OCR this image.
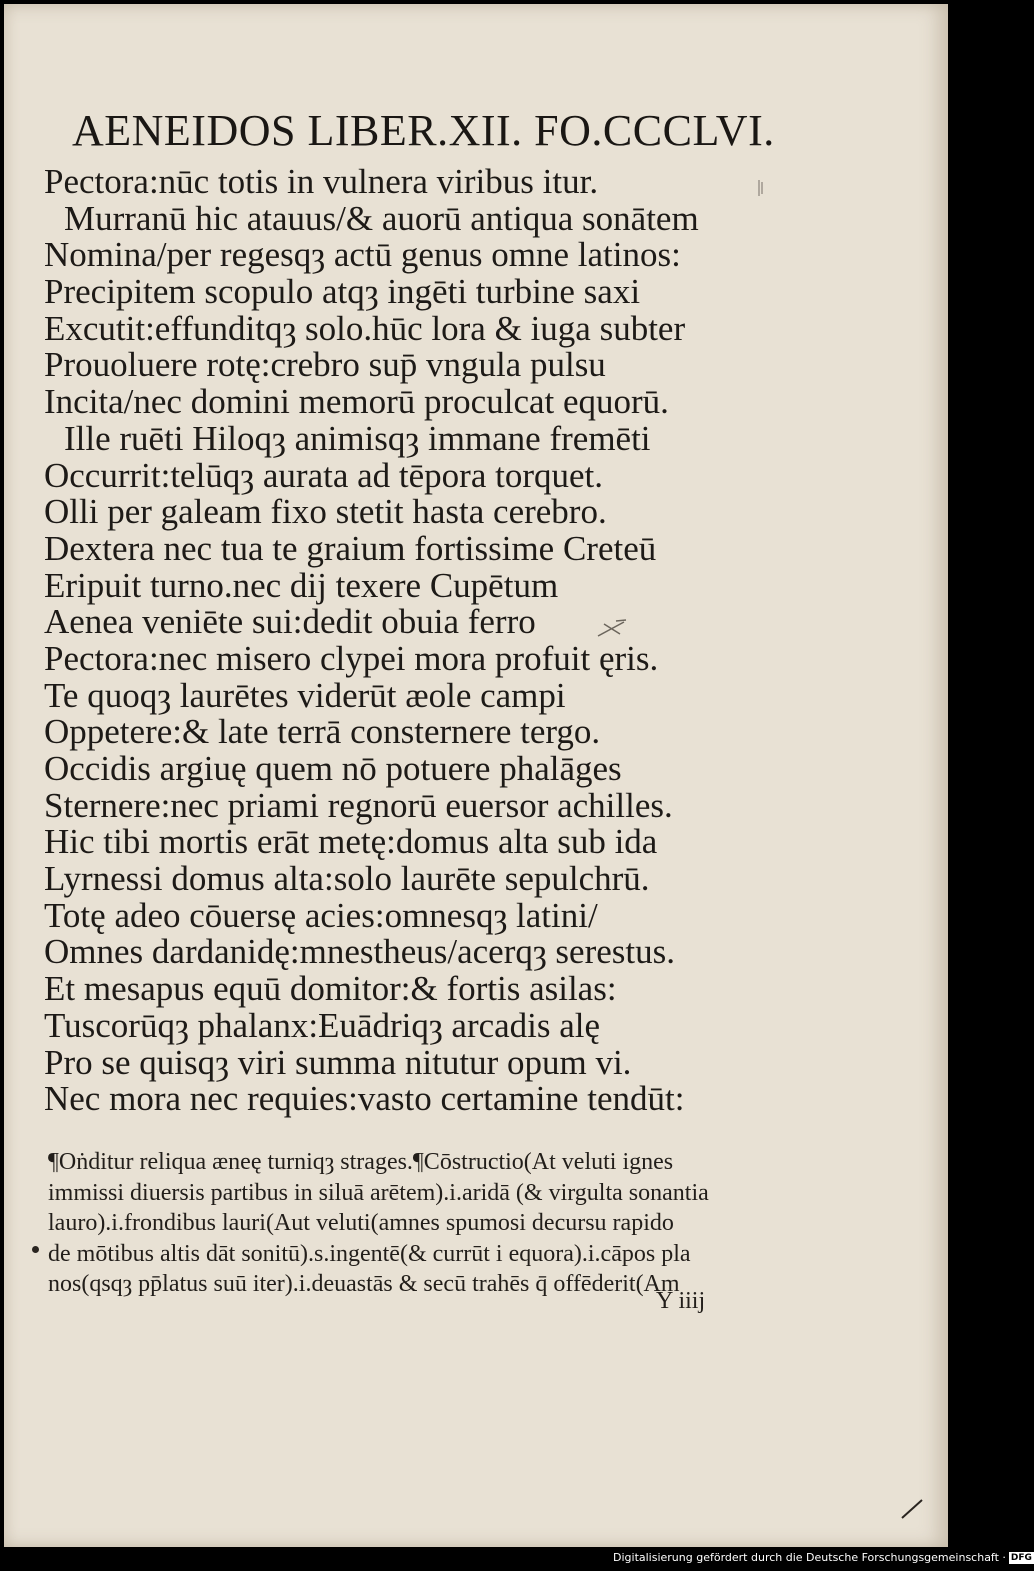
AENEIDOS LIBER.XII. FO.CCCLVI.
Pectora:nūc totis in vulnera viribus itur.
Murranū hic atauus/& auorū antiqua sonātem
Nomina/per regesqȝ actū genus omne latinos:
Precipitem scopulo atqȝ ingēti turbine saxi
Excutit:effunditqȝ solo.hūc lora & iuga subter
Prouoluere rotę:crebro sup̄ vngula pulsu
Incita/nec domini memorū proculcat equorū.
Ille ruēti Hiloqȝ animisqȝ immane fremēti
Occurrit:telūqȝ aurata ad tēpora torquet.
Olli per galeam fixo stetit hasta cerebro.
Dextera nec tua te graium fortissime Creteū
Eripuit turno.nec dij texere Cupētum
Aenea veniēte sui:dedit obuia ferro
Pectora:nec misero clypei mora profuit ęris.
Te quoqȝ laurētes viderūt æole campi
Oppetere:& late terrā consternere tergo.
Occidis argiuę quem nō potuere phalāges
Sternere:nec priami regnorū euersor achilles.
Hic tibi mortis erāt metę:domus alta sub ida
Lyrnessi domus alta:solo laurēte sepulchrū.
Totę adeo cōuersę acies:omnesqȝ latini/
Omnes dardanidę:mnestheus/acerqȝ serestus.
Et mesapus equū domitor:& fortis asilas:
Tuscorūqȝ phalanx:Euādriqȝ arcadis alę
Pro se quisqȝ viri summa nitutur opum vi.
Nec mora nec requies:vasto certamine tendūt:
¶Oṅditur reliqua æneę turniqȝ strages.¶Cōstructio(At veluti ignes
immissi diuersis partibus in siluā arētem).i.aridā (& virgulta sonantia
lauro).i.frondibus lauri(Aut veluti(amnes spumosi decursu rapido
de mōtibus altis dāt sonitū).s.ingentē(& currūt i equora).i.cāpos pla
nos(qsqȝ pp̄latus suū iter).i.deuastās & secū trahēs q̄ offēderit(Am
Y iiij
Digitalisierung gefördert durch die Deutsche Forschungsgemeinschaft · DFG
